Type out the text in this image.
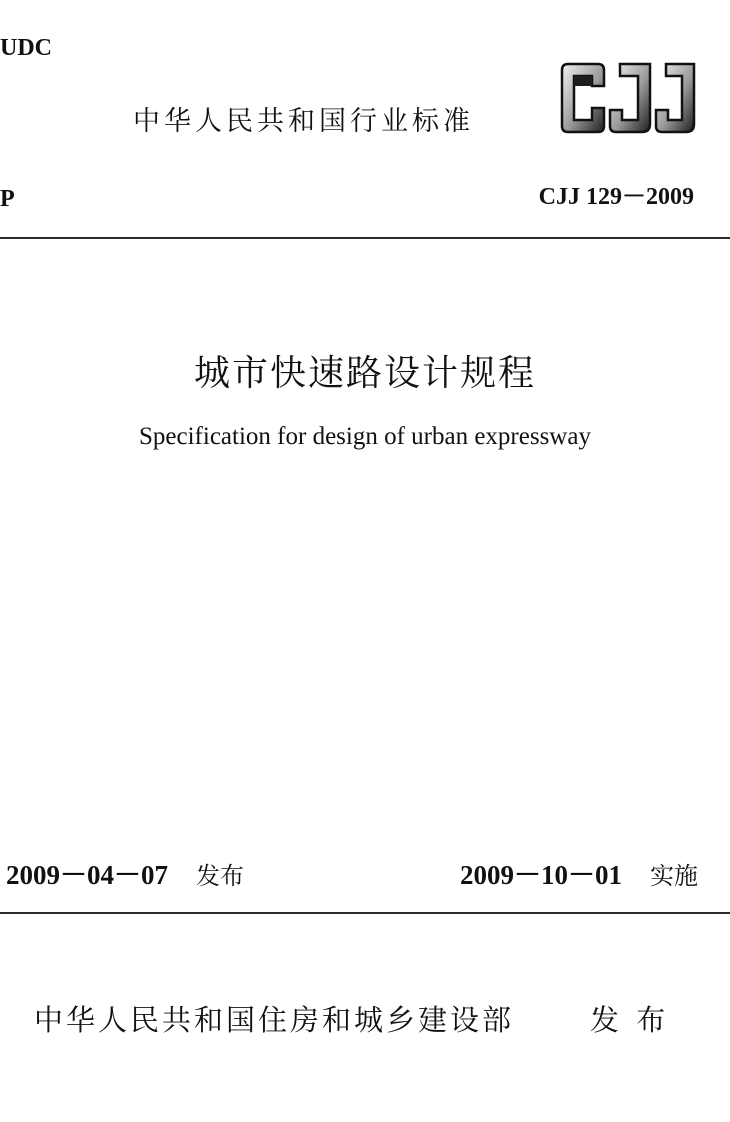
UDC
中华人民共和国行业标准
P	CJJ 129－2009
城市快速路设计规程
Specification for design of urban expressway
2009－04－07 发布	2009－10－01 实施
中华人民共和国住房和城乡建设部	发 布
